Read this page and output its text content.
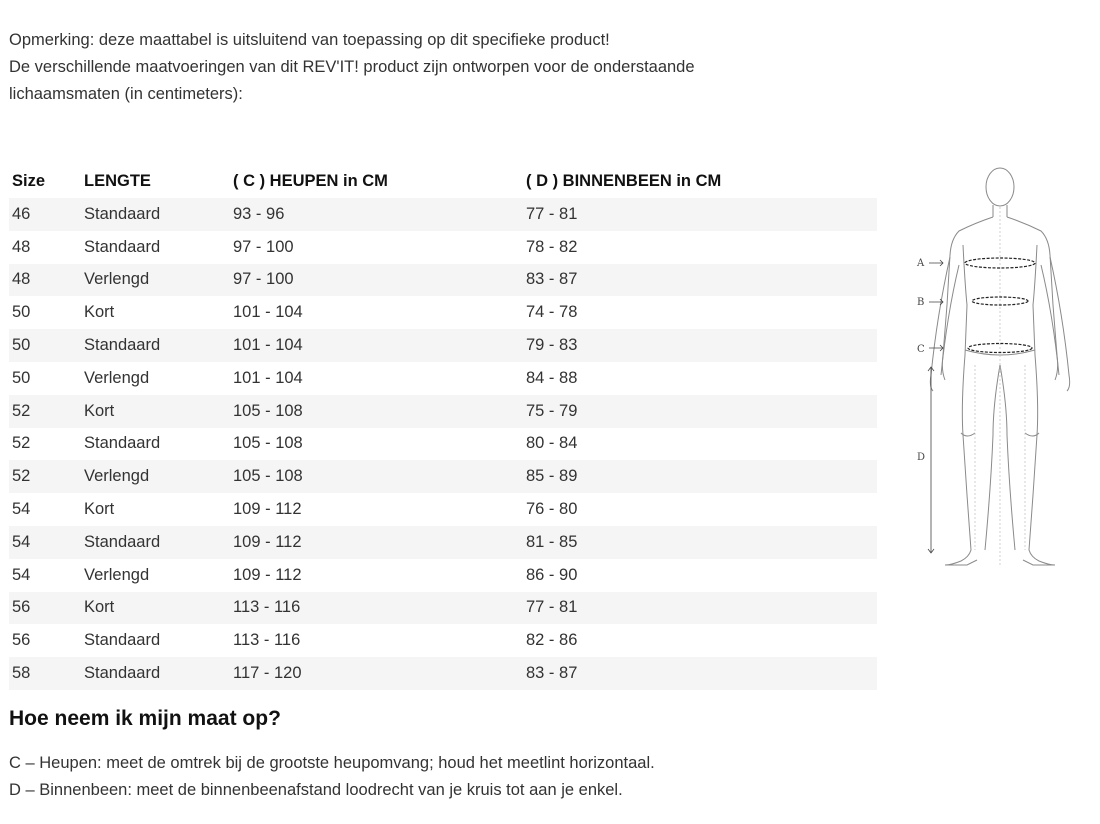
Opmerking: deze maattabel is uitsluitend van toepassing op dit specifieke product!

De verschillende maatvoeringen van dit REV'IT! product zijn ontworpen voor de onderstaande

lichaamsmaten (in centimeters):

Size	LENGTE	( C ) HEUPEN in CM	( D ) BINNENBEEN in CM
46	Standaard	93 - 96	77 - 81
48	Standaard	97 - 100	78 - 82
48	Verlengd	97 - 100	83 - 87
50	Kort	101 - 104	74 - 78
50	Standaard	101 - 104	79 - 83
50	Verlengd	101 - 104	84 - 88
52	Kort	105 - 108	75 - 79
52	Standaard	105 - 108	80 - 84
52	Verlengd	105 - 108	85 - 89
54	Kort	109 - 112	76 - 80
54	Standaard	109 - 112	81 - 85
54	Verlengd	109 - 112	86 - 90
56	Kort	113 - 116	77 - 81
56	Standaard	113 - 116	82 - 86
58	Standaard	117 - 120	83 - 87
A
B
C
D
Hoe neem ik mijn maat op?

C – Heupen: meet de omtrek bij de grootste heupomvang; houd het meetlint horizontaal.

D – Binnenbeen: meet de binnenbeenafstand loodrecht van je kruis tot aan je enkel.
